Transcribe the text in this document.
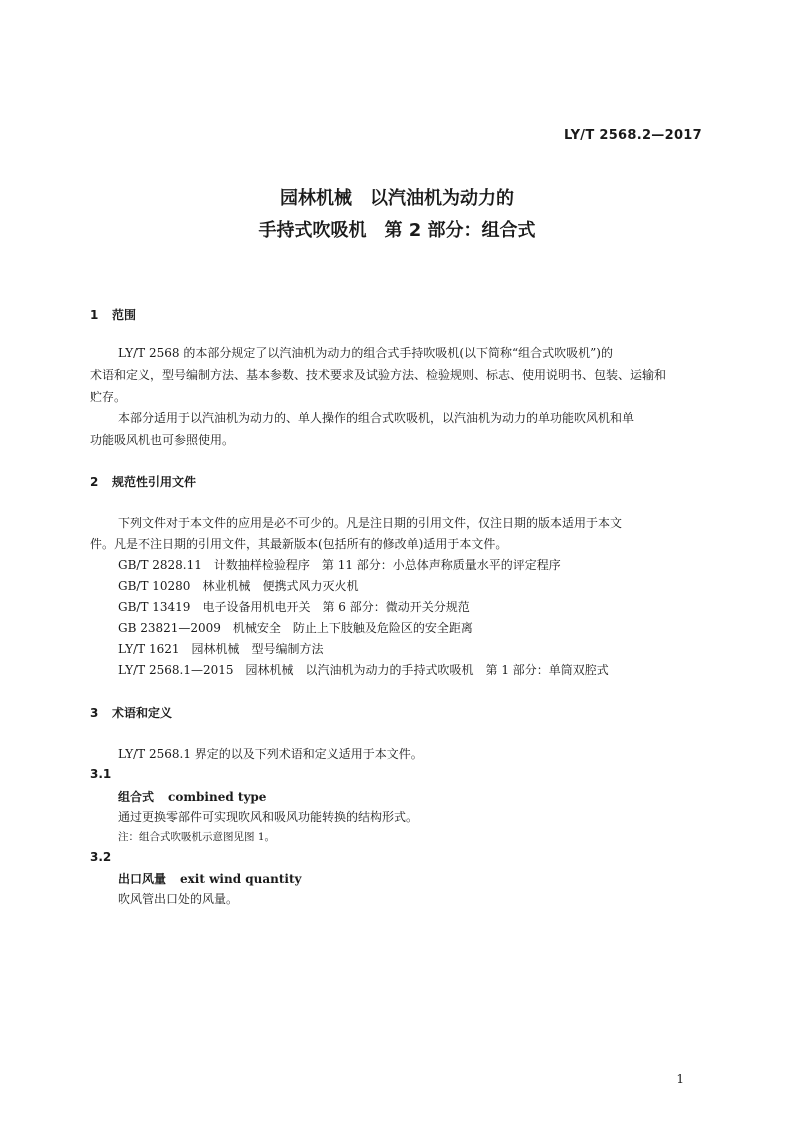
LY/T 2568.2—2017
园林机械　以汽油机为动力的
手持式吹吸机　第 2 部分：组合式
1 范围
LY/T 2568 的本部分规定了以汽油机为动力的组合式手持吹吸机(以下简称“组合式吹吸机”)的
术语和定义，型号编制方法、基本参数、技术要求及试验方法、检验规则、标志、使用说明书、包装、运输和
贮存。
本部分适用于以汽油机为动力的、单人操作的组合式吹吸机，以汽油机为动力的单功能吹风机和单
功能吸风机也可参照使用。
2 规范性引用文件
下列文件对于本文件的应用是必不可少的。凡是注日期的引用文件，仅注日期的版本适用于本文
件。凡是不注日期的引用文件，其最新版本(包括所有的修改单)适用于本文件。
GB/T 2828.11　计数抽样检验程序　第 11 部分：小总体声称质量水平的评定程序
GB/T 10280　林业机械　便携式风力灭火机
GB/T 13419　电子设备用机电开关　第 6 部分：微动开关分规范
GB 23821—2009　机械安全　防止上下肢触及危险区的安全距离
LY/T 1621　园林机械　型号编制方法
LY/T 2568.1—2015　园林机械　以汽油机为动力的手持式吹吸机　第 1 部分：单筒双腔式
3 术语和定义
LY/T 2568.1 界定的以及下列术语和定义适用于本文件。
3.1
组合式 combined type
通过更换零部件可实现吹风和吸风功能转换的结构形式。
注：组合式吹吸机示意图见图 1。
3.2
出口风量 exit wind quantity
吹风管出口处的风量。
1
